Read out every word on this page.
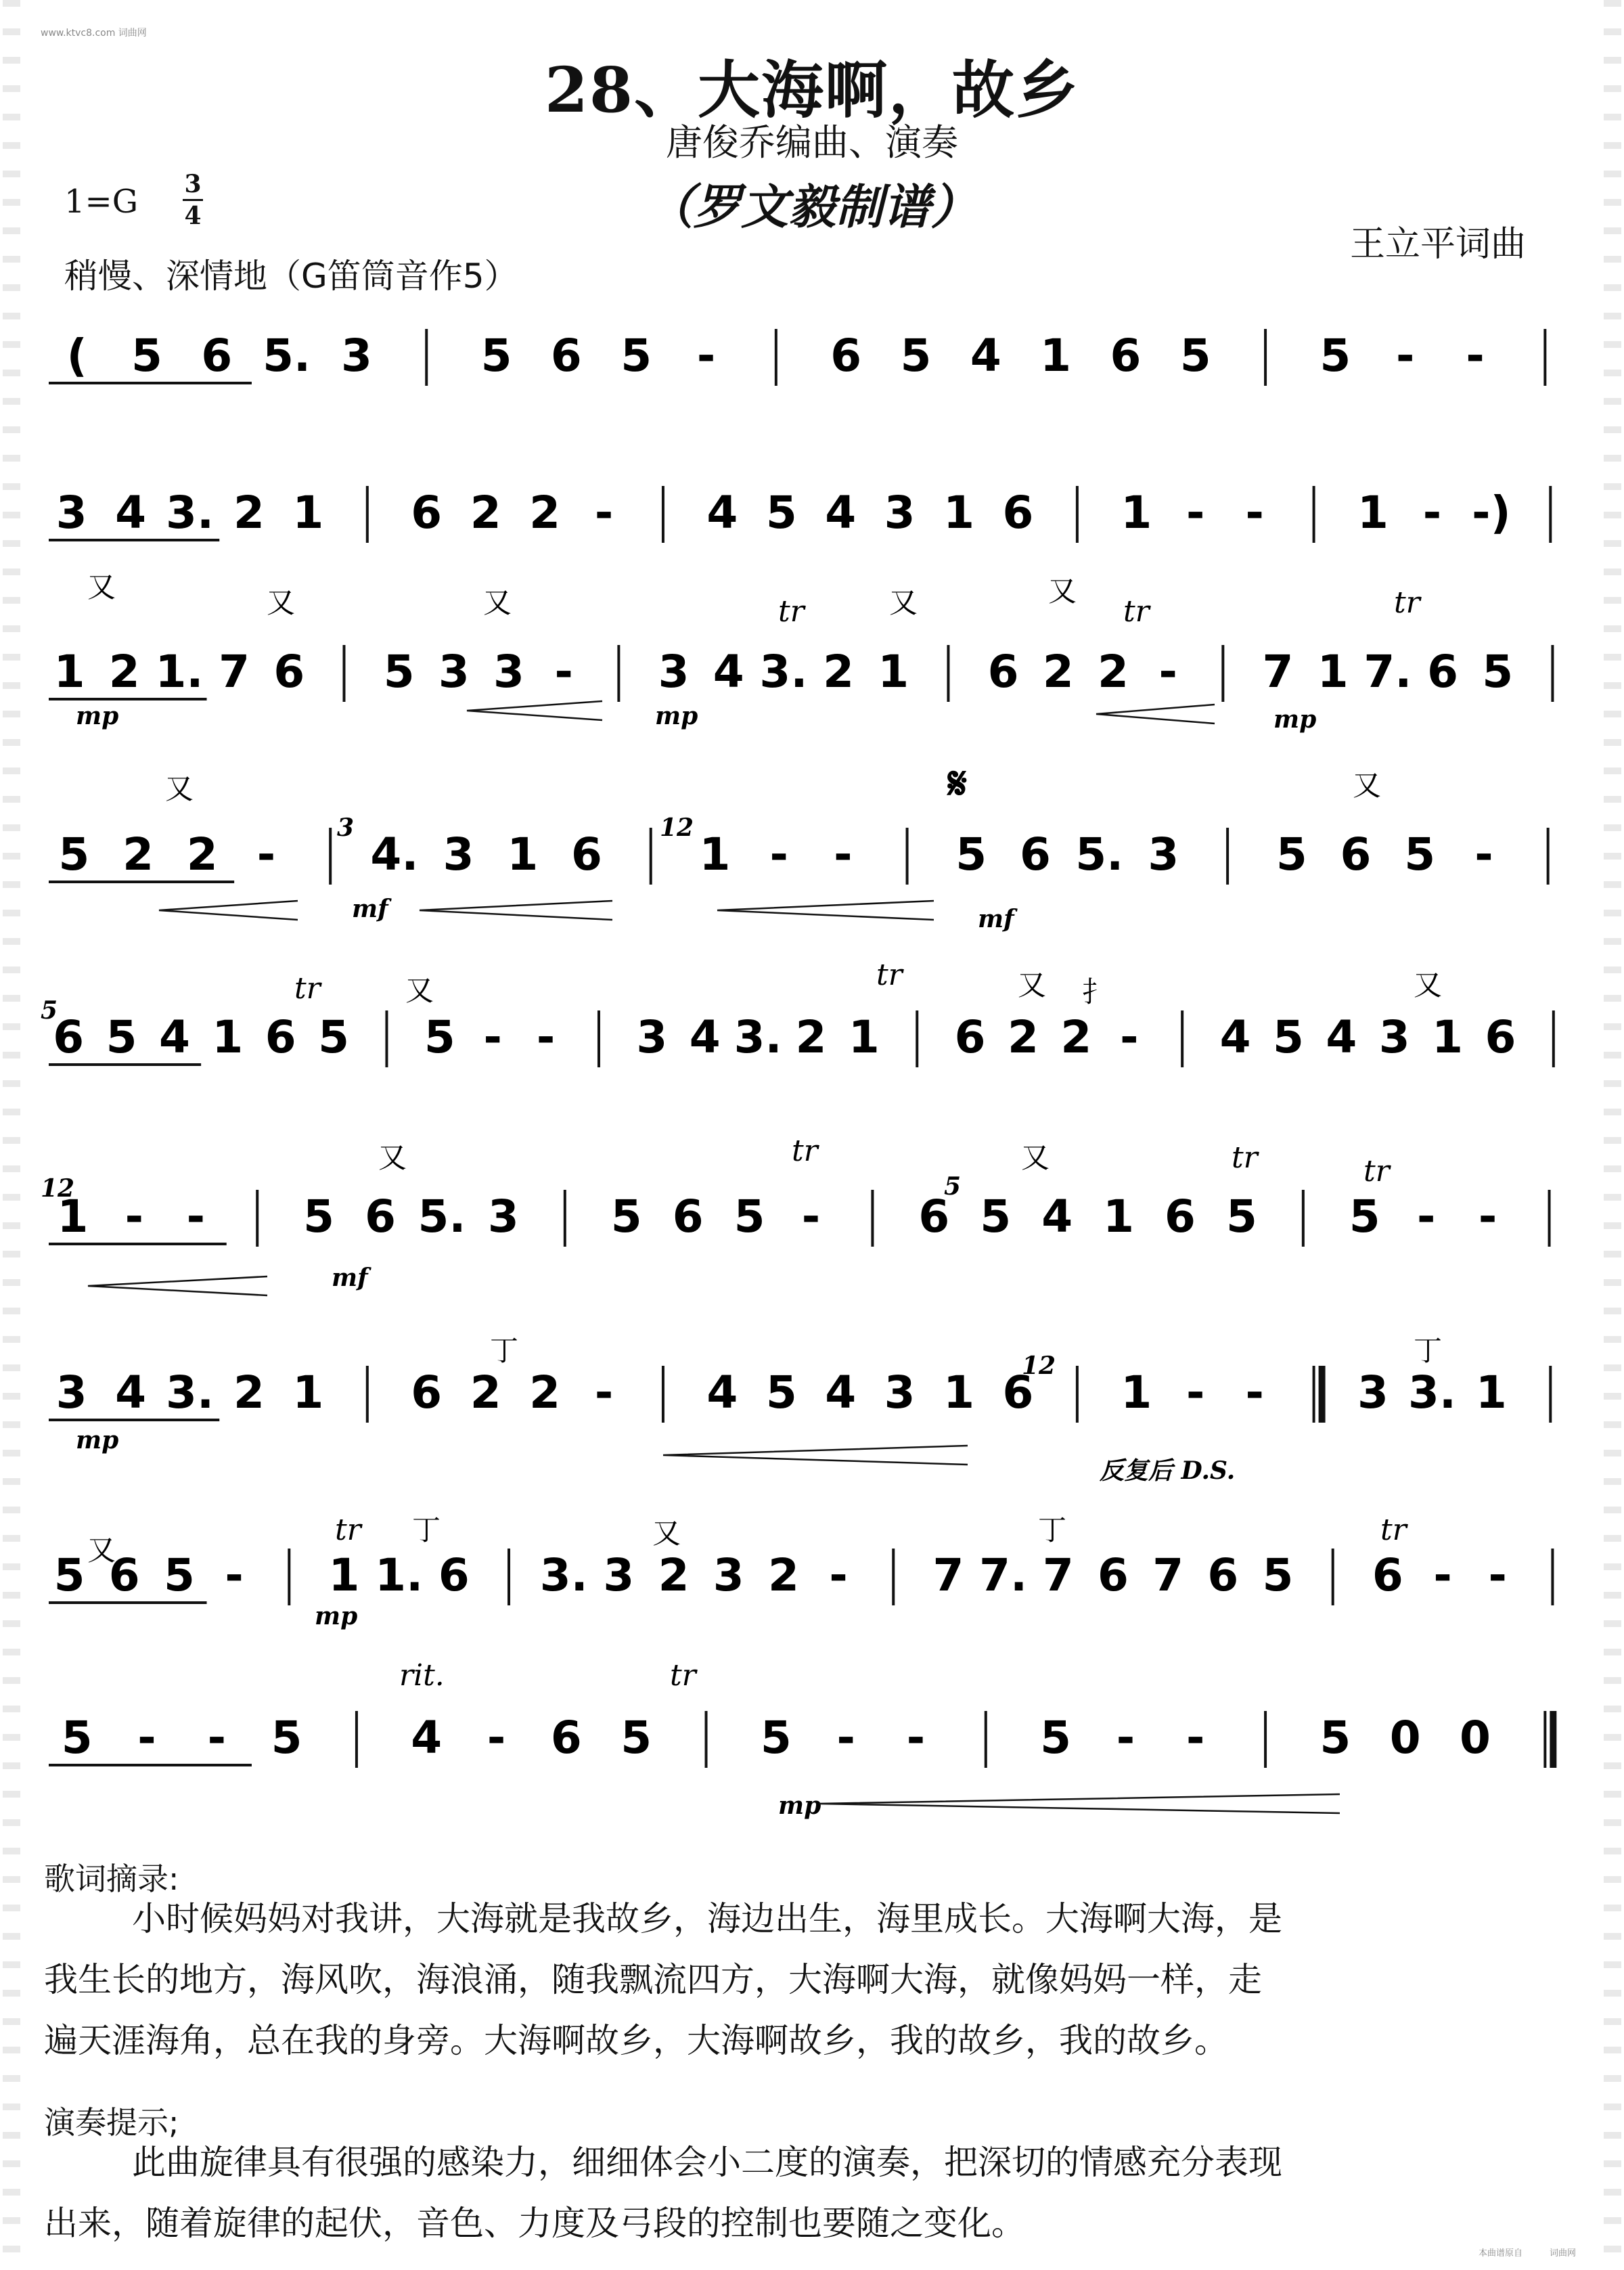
www.ktvc8.com 词曲网
28、大海啊，故乡
唐俊乔编曲、演奏
（罗文毅制谱）
1=G 3
4
王立平词曲
稍慢、深情地（G笛筒音作5）
( 5 6 5. 3 5 6 5 -	6 5 4 1 6 5 5 - -
3 4 3. 2 1 6 2 2 - 4 5 4 3 1 6 1 - - 1 - -)
1 2 1. 7 6 5 3 3 - 3 4 3. 2 1 6 2 2 - 7 1 7. 6 5
5 2 2 - 4. 3 1 6 1 - - 5 6 5. 3 5 6 5 -
6 5 4 1 6 5 5 - - 3 4 3. 2 1 6 2 2 - 4 5 4 3 1 6
1 - - 5 6 5. 3 5 6 5 - 6 5 4 1 6 5 5 - -
3 4 3. 2 1 6 2 2 - 4 5 4 3 1 6 1 - - 3 3. 1
5 6 5 - 1 1. 6 3. 3 2 3 2 - 7 7. 7 6 7 6 5 6 - -
5 - - 5 4 - 6 5 5 - -	5 - -	5 0 0
mp	mp	mp
mp
mp
mp
mf	mf
mf
tr	tr	tr
tr	tr
tr	tr	tr
tr	tr
tr
又	又	又	又	又
又	又
又	又	又
又	又
又
又
丁	丁
丁	丁
扌
𝄋
rit.
反复后 D.S.
5
5
12
12
12
3
歌词摘录:
小时候妈妈对我讲，大海就是我故乡，海边出生，海里成长。大海啊大海，是
我生长的地方，海风吹，海浪涌，随我飘流四方，大海啊大海，就像妈妈一样，走
遍天涯海角，总在我的身旁。大海啊故乡，大海啊故乡，我的故乡，我的故乡。
演奏提示;
此曲旋律具有很强的感染力，细细体会小二度的演奏，把深切的情感充分表现
出来，随着旋律的起伏，音色、力度及弓段的控制也要随之变化。
本曲谱原自	词曲网
